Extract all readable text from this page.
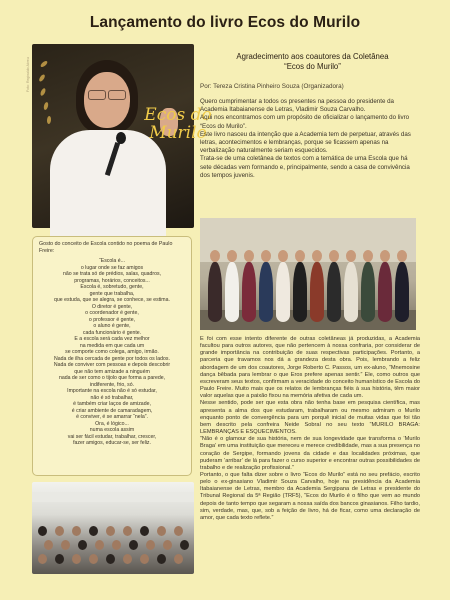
Lançamento do livro Ecos do Murilo
Ecos do Murilo
Foto: Reginaldo Abreu
Agradecimento aos coautores da Coletânea
“Ecos do Murilo”
Por: Tereza Cristina Pinheiro Souza (Organizadora)

Quero cumprimentar a todos os presentes na pessoa do presidente da Academia Itabaianense de Letras, Vladimir Souza Carvalho.

Aqui nos encontramos com um propósito de oficializar o lançamento do livro “Ecos do Murilo”.

Este livro nasceu da intenção que a Academia tem de perpetuar, através das letras, acontecimentos e lembranças, porque se ficassem apenas na verbalização naturalmente seriam esquecidos.

Trata-se de uma coletânea de textos com a temática de uma Escola que há sete décadas vem formando e, principalmente, sendo a casa de convivência dos tempos juvenis.

Gosto do conceito de Escola contido no poema de Paulo Freire:
“Escola é...
o lugar onde se faz amigos
não se trata só de prédios, salas, quadros,
programas, horários, conceitos...
Escola é, sobretudo, gente,
gente que trabalha,
que estuda, que se alegra, se conhece, se estima.
O diretor é gente,
o coordenador é gente,
o professor é gente,
o aluno é gente,
cada funcionário é gente.
E a escola será cada vez melhor
na medida em que cada um
se comporte como colega, amigo, irmão.
Nada de ilha cercada de gente por todos os lados.
Nada de conviver com pessoas e depois descobrir
que não tem amizade a ninguém
nada de ser como o tijolo que forma a parede,
indiferente, frio, só.
Importante na escola não é só estudar,
não é só trabalhar,
é também criar laços de amizade,
é criar ambiente de camaradagem,
é conviver, é se amarrar “nela”.
Ora, é lógico...
numa escola assim
vai ser fácil estudar, trabalhar, crescer,
fazer amigos, educar-se, ser feliz.

E foi com esse intento diferente de outras coletâneas já produzidas, a Academia facultou para outros autores, que não pertencem à nossa confraria, por considerar de grande importância na contribuição de suas respectivas participações. Portanto, a parceria que travamos nos dá a grandeza desta obra. Pois, lembrando a feliz abordagem de um dos coautores, Jorge Roberto C. Passos, um ex-aluno, “Mnemosine dança bêbada para lembrar o que Eros prefere apenas sentir.” Ele, como outros que escreveram seus textos, confirmam a veracidade do conceito humanístico de Escola do Paulo Freire. Muito mais que os relatos de lembranças fiéis à sua história, têm maior valor aquelas que a paixão fixou na memória afetiva de cada um.

Nesse sentido, pode ser que esta obra não tenha base em pesquisa científica, mas apresenta a alma dos que estudaram, trabalharam ou mesmo admiram o Murilo enquanto ponto de convergência para um porquê inicial de muitas vidas que foi tão bem descrito pela confreira Neide Sobral no seu texto “MURILO BRAGA: LEMBRANÇAS E ESQUECIMENTOS.

“Não é o glamour de sua história, nem de sua longevidade que transforma o ‘Murilo Braga’ em uma instituição que mereceu e merece credibilidade, mas a sua presença no coração de Sergipe, formando jovens da cidade e das localidades próximas, que puderam ‘arribar’ de lá para fazer o curso superior e encontrar outras possibilidades de trabalho e de realização profissional.”

Portanto, o que falta dizer sobre o livro “Ecos do Murilo” está no seu prefácio, escrito pelo o ex-ginasiano Vladimir Souza Carvalho, hoje na presidência da Academia Itabaianense de Letras, membro da Academia Sergipana de Letras e presidente do Tribunal Regional da 5ª Região (TRF5), “Ecos do Murilo é o filho que vem ao mundo depois de tanto tempo que segaram a nossa saída dos bancos ginasianos. Filho tardio, sim, verdade, mas, que, sob a feição de livro, há de ficar, como uma declaração de amor, que cada texto reflete.”
